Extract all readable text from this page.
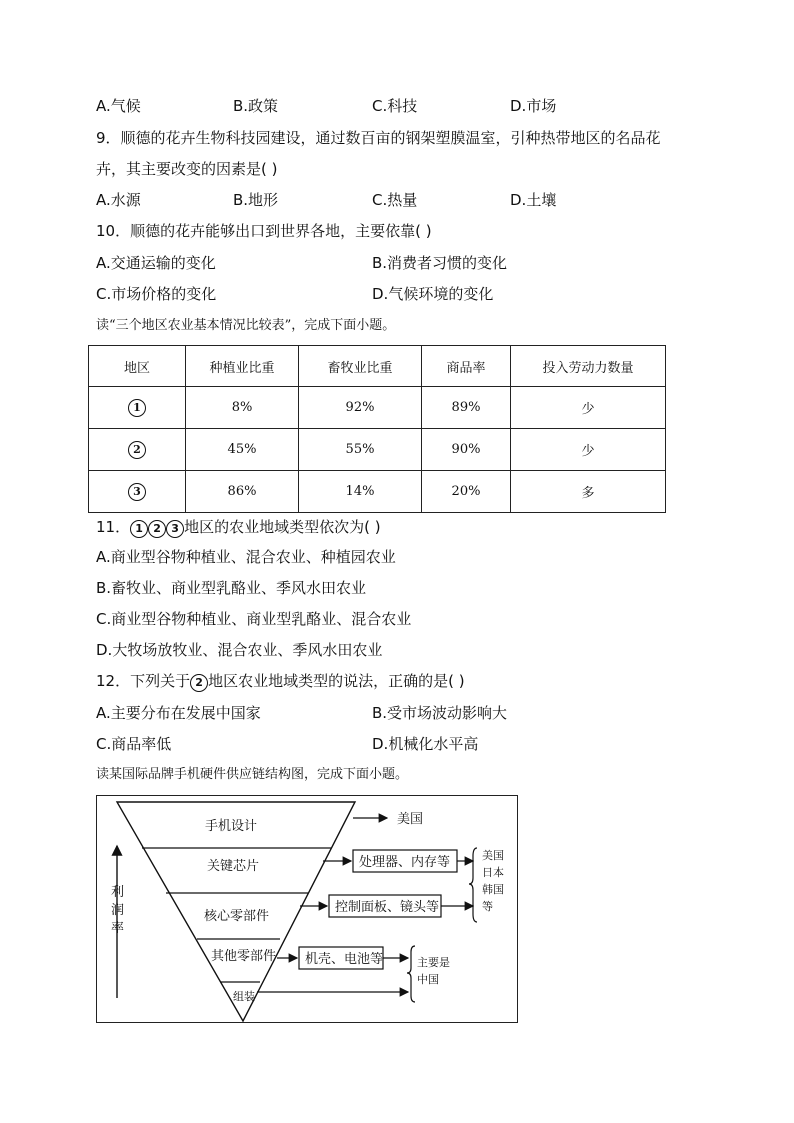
A.气候	B.政策	C.科技	D.市场
9．顺德的花卉生物科技园建设，通过数百亩的钢架塑膜温室，引种热带地区的名品花
卉，其主要改变的因素是( )
A.水源	B.地形	C.热量	D.土壤
10．顺德的花卉能够出口到世界各地，主要依靠( )
A.交通运输的变化	B.消费者习惯的变化
C.市场价格的变化	D.气候环境的变化
读“三个地区农业基本情况比较表”，完成下面小题。
地区	种植业比重	畜牧业比重	商品率	投入劳动力数量
1	8%	92%	89%	少
2	45%	55%	90%	少
3	86%	14%	20%	多
11． 1 2 3 地区的农业地域类型依次为( )
A.商业型谷物种植业、混合农业、种植园农业
B.畜牧业、商业型乳酪业、季风水田农业
C.商业型谷物种植业、商业型乳酪业、混合农业
D.大牧场放牧业、混合农业、季风水田农业
12．下列关于 2 地区农业地域类型的说法，正确的是( )
A.主要分布在发展中国家	B.受市场波动影响大
C.商品率低	D.机械化水平高
读某国际品牌手机硬件供应链结构图，完成下面小题。
利
润
率
手机设计
关键芯片
核心零部件
其他零部件
组装
美国
处理器、内存等
控制面板、镜头等
美国
日本
韩国
等
机壳、电池等	主要是
中国
